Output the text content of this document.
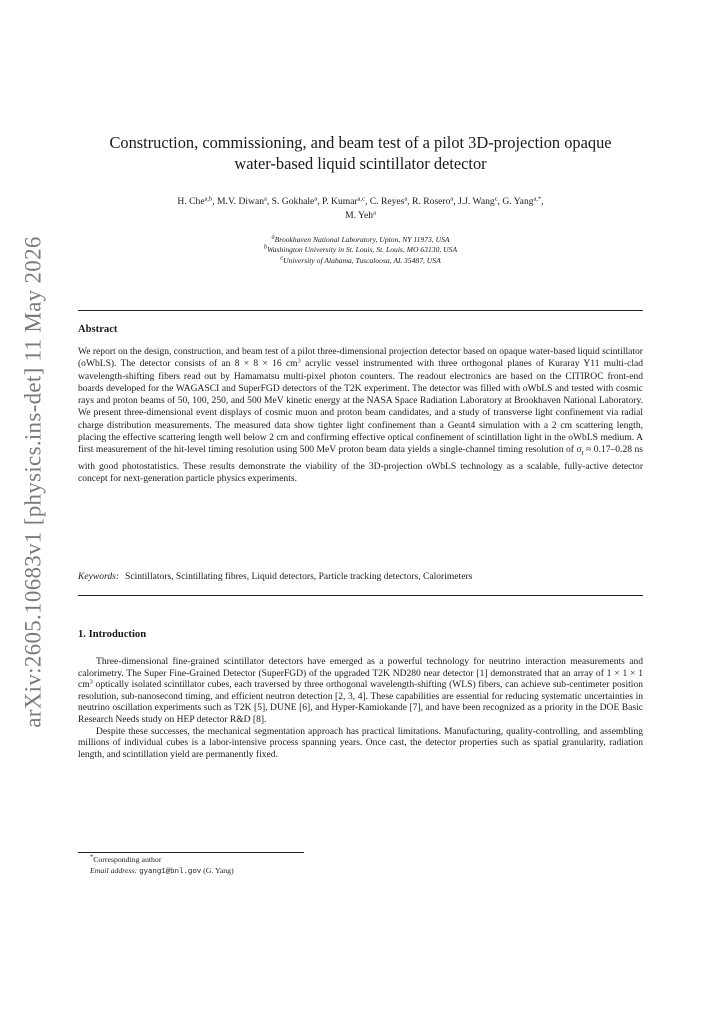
arXiv:2605.10683v1 [physics.ins-det] 11 May 2026
Construction, commissioning, and beam test of a pilot 3D-projection opaque
water-based liquid scintillator detector
H. Che$^{a,b}$, M.V. Diwan$^a$, S. Gokhale$^a$, P. Kumar$^{a,c}$, C. Reyes$^a$, R. Rosero$^a$, J.J. Wang$^c$, G. Yang$^{a,*}$,
M. Yeh$^a$
$^a$Brookhaven National Laboratory, Upton, NY 11973, USA
$^b$Washington University in St. Louis, St. Louis, MO 63130, USA
$^c$University of Alabama, Tuscaloosa, AL 35487, USA
Abstract
We report on the design, construction, and beam test of a pilot three-dimensional projection detector based on opaque water-based liquid scintillator (oWbLS). The detector consists of an 8 × 8 × 16 $cm^3$ acrylic vessel instrumented with three orthogonal planes of Kuraray Y11 multi-clad wavelength-shifting fibers read out by Hamamatsu multi-pixel photon counters. The readout electronics are based on the CITIROC front-end boards developed for the WAGASCI and SuperFGD detectors of the T2K experiment. The detector was filled with oWbLS and tested with cosmic rays and proton beams of 50, 100, 250, and 500 MeV kinetic energy at the NASA Space Radiation Laboratory at Brookhaven National Laboratory. We present three-dimensional event displays of cosmic muon and proton beam candidates, and a study of transverse light confinement via radial charge distribution measurements. The measured data show tighter light confinement than a Geant4 simulation with a 2 cm scattering length, placing the effective scattering length well below 2 cm and confirming effective optical confinement of scintillation light in the oWbLS medium. A first measurement of the hit-level timing resolution using 500 MeV proton beam data yields a single-channel timing resolution of $\sigma_t \approx 0.17-0.28$ ns with good photostatistics. These results demonstrate the viability of the 3D-projection oWbLS technology as a scalable, fully-active detector concept for next-generation particle physics experiments.
Keywords: Scintillators, Scintillating fibres, Liquid detectors, Particle tracking detectors, Calorimeters
1. Introduction

Three-dimensional fine-grained scintillator detectors have emerged as a powerful technology for neutrino interaction measurements and calorimetry. The Super Fine-Grained Detector (SuperFGD) of the upgraded T2K ND280 near detector [1] demonstrated that an array of 1 × 1 × 1 $cm^3$ optically isolated scintillator cubes, each traversed by three orthogonal wavelength-shifting (WLS) fibers, can achieve sub-centimeter position resolution, sub-nanosecond timing, and efficient neutron detection [2, 3, 4]. These capabilities are essential for reducing systematic uncertainties in neutrino oscillation experiments such as T2K [5], DUNE [6], and Hyper-Kamiokande [7], and have been recognized as a priority in the DOE Basic Research Needs study on HEP detector R&D [8].

Despite these successes, the mechanical segmentation approach has practical limitations. Manufacturing, quality-controlling, and assembling millions of individual cubes is a labor-intensive process spanning years. Once cast, the detector properties such as spatial granularity, radiation length, and scintillation yield are permanently fixed.

*Corresponding author
Email address: gyang1@bnl.gov (G. Yang)
